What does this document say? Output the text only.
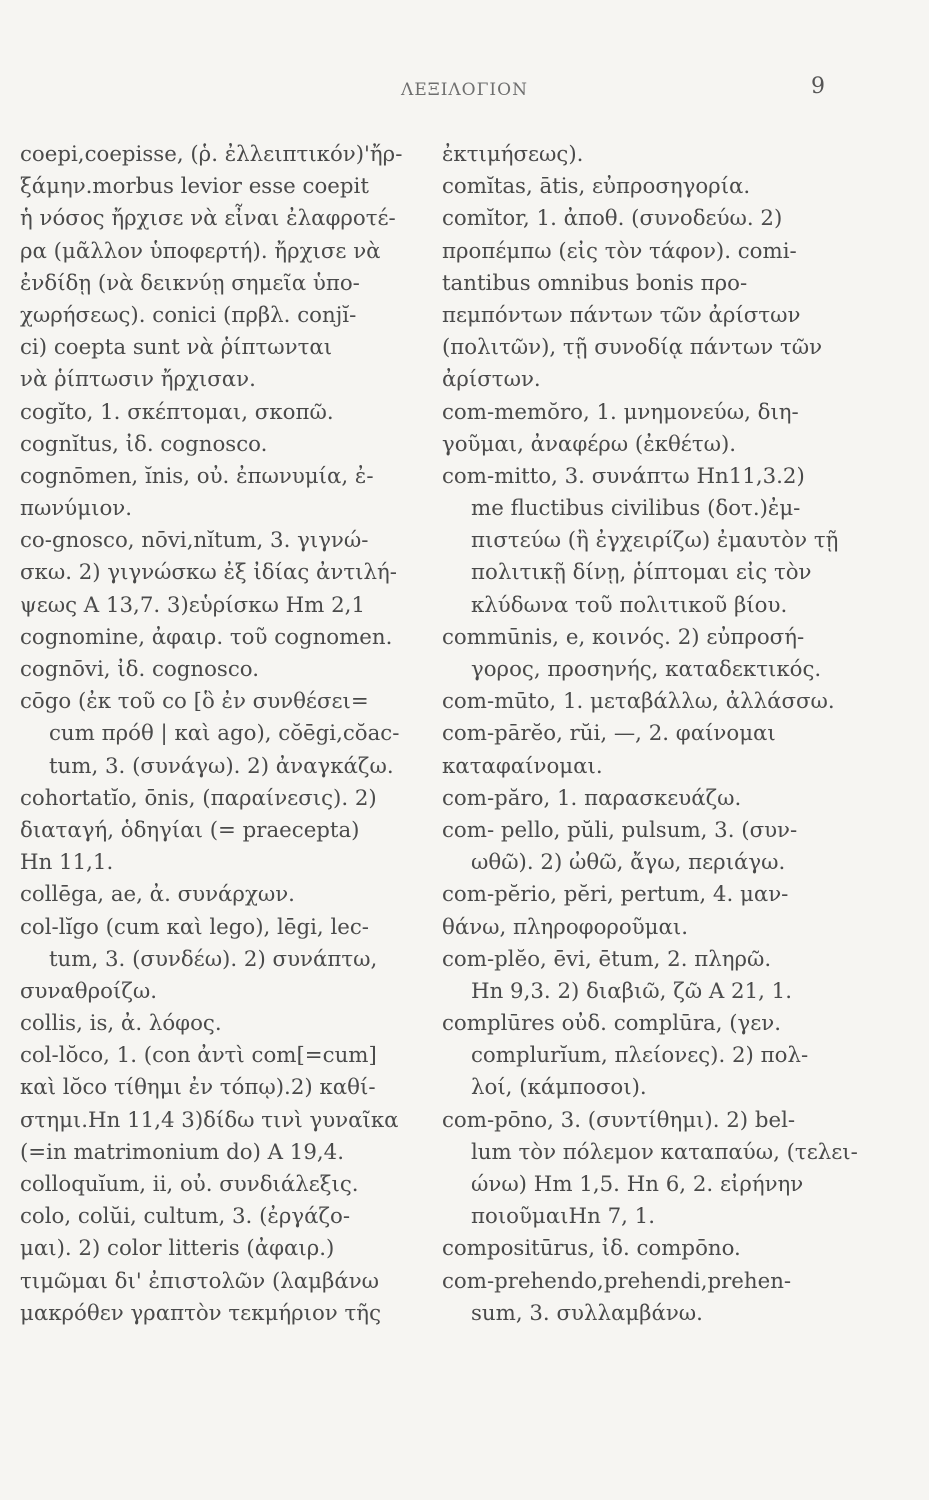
ΛΕΞΙΛΟΓΙΟΝ	9
coepi,coepisse, (ῥ. ἐλλειπτικόν)'ἤρ-
ξάμην.morbus levior esse coepit
ἡ νόσος ἤρχισε νὰ εἶναι ἐλαφροτέ-
ρα (μᾶλλον ὑποφερτή). ἤρχισε νὰ
ἐνδίδῃ (νὰ δεικνύῃ σημεῖα ὑπο-
χωρήσεως). conici (πρβλ. conjĭ-
ci) coepta sunt νὰ ῥίπτωνται
νὰ ῥίπτωσιν ἤρχισαν.
cogĭto, 1. σκέπτομαι, σκοπῶ.
cognĭtus, ἰδ. cognosco.
cognōmen, ĭnis, οὐ. ἐπωνυμία, ἐ-
πωνύμιον.
co-gnosco, nōvi,nĭtum, 3. γιγνώ-
σκω. 2) γιγνώσκω ἐξ ἰδίας ἀντιλή-
ψεως A 13,7. 3)εὑρίσκω Hm 2,1
cognomine, ἀφαιρ. τοῦ cognomen.
cognōvi, ἰδ. cognosco.
cōgo (ἐκ τοῦ co [ὃ ἐν συνθέσει=
cum πρόθ | καὶ ago), cŏēgi,cŏac-
tum, 3. (συνάγω). 2) ἀναγκάζω.
cohortatĭo, ōnis, (παραίνεσις). 2)
διαταγή, ὁδηγίαι (= praecepta)
Hn 11,1.
collēga, ae, ἀ. συνάρχων.
col-lĭgo (cum καὶ lego), lēgi, lec-
tum, 3. (συνδέω). 2) συνάπτω,
συναθροίζω.
collis, is, ἀ. λόφος.
col-lŏco, 1. (con ἀντὶ com[=cum]
καὶ lŏco τίθημι ἐν τόπῳ).2) καθί-
στημι.Hn 11,4 3)δίδω τινὶ γυναῖκα
(=in matrimonium do) A 19,4.
colloquĭum, ii, οὐ. συνδιάλεξις.
colo, colŭi, cultum, 3. (ἐργάζο-
μαι). 2) color litteris (ἀφαιρ.)
τιμῶμαι δι' ἐπιστολῶν (λαμβάνω
μακρόθεν γραπτὸν τεκμήριον τῆς
ἐκτιμήσεως).
comĭtas, ātis, εὐπροσηγορία.
comĭtor, 1. ἀποθ. (συνοδεύω. 2)
προπέμπω (εἰς τὸν τάφον). comi-
tantibus omnibus bonis προ-
πεμπόντων πάντων τῶν ἀρίστων
(πολιτῶν), τῇ συνοδίᾳ πάντων τῶν
ἀρίστων.
com-memŏro, 1. μνημονεύω, διη-
γοῦμαι, ἀναφέρω (ἐκθέτω).
com-mitto, 3. συνάπτω Hn11,3.2)
me fluctibus civilibus (δοτ.)ἐμ-
πιστεύω (ἢ ἐγχειρίζω) ἐμαυτὸν τῇ
πολιτικῇ δίνῃ, ῥίπτομαι εἰς τὸν
κλύδωνα τοῦ πολιτικοῦ βίου.
commūnis, e, κοινός. 2) εὐπροσή-
γορος, προσηνής, καταδεκτικός.
com-mūto, 1. μεταβάλλω, ἀλλάσσω.
com-pārĕo, rŭi, —, 2. φαίνομαι
καταφαίνομαι.
com-păro, 1. παρασκευάζω.
com- pello, pŭli, pulsum, 3. (συν-
ωθῶ). 2) ὠθῶ, ἄγω, περιάγω.
com-pĕrio, pĕri, pertum, 4. μαν-
θάνω, πληροφοροῦμαι.
com-plĕo, ēvi, ētum, 2. πληρῶ.
Hn 9,3. 2) διαβιῶ, ζῶ A 21, 1.
complūres οὐδ. complūra, (γεν.
complurĭum, πλείονες). 2) πολ-
λοί, (κάμποσοι).
com-pōno, 3. (συντίθημι). 2) bel-
lum τὸν πόλεμον καταπαύω, (τελει-
ώνω) Hm 1,5. Hn 6, 2. εἰρήνην
ποιοῦμαιHn 7, 1.
compositūrus, ἰδ. compōno.
com-prehendo,prehendi,prehen-
sum, 3. συλλαμβάνω.
